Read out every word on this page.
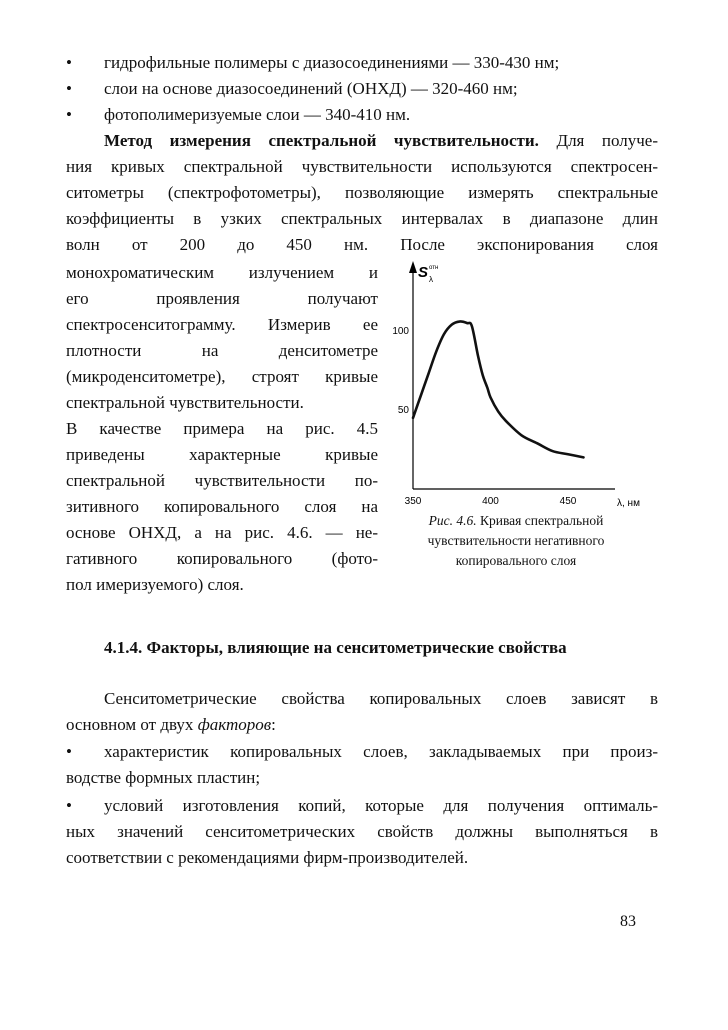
• гидрофильные полимеры с диазосоединениями — 330-430 нм;
• слои на основе диазосоединений (ОНХД) — 320-460 нм;
• фотополимеризуемые слои — 340-410 нм.
Метод измерения спектральной чувствительности. Для получе-
ния кривых спектральной чувствительности используются спектросен-
ситометры (спектрофотометры), позволяющие измерять спектральные
коэффициенты в узких спектральных интервалах в диапазоне длин
волн от 200 до 450 нм. После экспонирования слоя
монохроматическим излучением и
его проявления получают
спектросенситограмму. Измерив ее
плотности на денситометре
(микроденситометре), строят кривые
спектральной чувствительности.
В качестве примера на рис. 4.5
приведены характерные кривые
спектральной чувствительности по-
зитивного копировального слоя на
основе ОНХД, а на рис. 4.6. — не-
гативного копировального (фото-
пол имеризуемого) слоя.
S λ
отн
λ, нм
350	400	450
50
100
Рис. 4.6. Кривая спектральной
чувствительности негативного
копировального слоя
4.1.4. Факторы, влияющие на сенситометрические свойства
Сенситометрические свойства копировальных слоев зависят в
основном от двух факторов:
• характеристик копировальных слоев, закладываемых при произ-
водстве формных пластин;
• условий изготовления копий, которые для получения оптималь-
ных значений сенситометрических свойств должны выполняться в
соответствии с рекомендациями фирм-производителей.
83
